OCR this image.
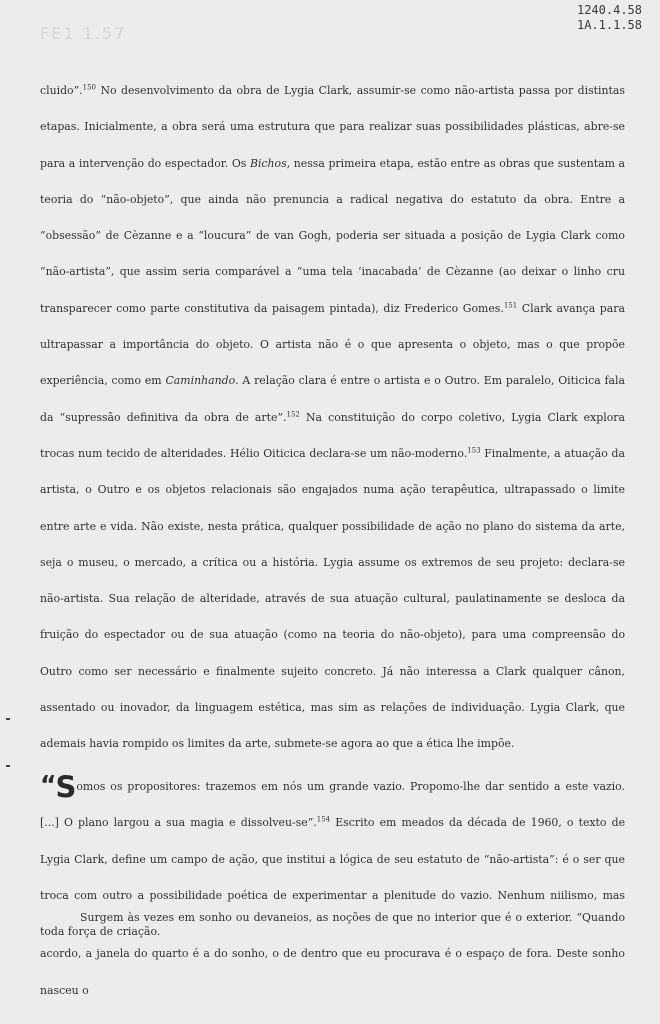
FE1 1.57
1240.4.58
1A.1.1.58

cluido”.$^{150}$ No desenvolvimento da obra de Lygia Clark, assumir-se como não-artista passa por distintas etapas. Inicialmente, a obra será uma estrutura que para realizar suas possibilidades plásticas, abre-se para a intervenção do espectador. Os Bichos, nessa primeira etapa, estão entre as obras que sustentam a teoria do “não-objeto”, que ainda não prenuncia a radical negativa do estatuto da obra. Entre a “obsessão” de Cèzanne e a “loucura” de van Gogh, poderia ser situada a posição de Lygia Clark como “não-artista”, que assim seria comparável a “uma tela ‘inacabada’ de Cèzanne (ao deixar o linho cru transparecer como parte constitutiva da paisagem pintada), diz Frederico Gomes.$^{151}$ Clark avança para ultrapassar a importância do objeto. O artista não é o que apresenta o objeto, mas o que propõe experiência, como em Caminhando. A relação clara é entre o artista e o Outro. Em paralelo, Oiticica fala da “supressão definitiva da obra de arte”.$^{152}$ Na constituição do corpo coletivo, Lygia Clark explora trocas num tecido de alteridades. Hélio Oiticica declara-se um não-moderno.$^{153}$ Finalmente, a atuação da artista, o Outro e os objetos relacionais são engajados numa ação terapêutica, ultrapassado o limite entre arte e vida. Não existe, nesta prática, qualquer possibilidade de ação no plano do sistema da arte, seja o museu, o mercado, a crítica ou a história. Lygia assume os extremos de seu projeto: declara-se não-artista. Sua relação de alteridade, através de sua atuação cultural, paulatinamente se desloca da fruição do espectador ou de sua atuação (como na teoria do não-objeto), para uma compreensão do Outro como ser necessário e finalmente sujeito concreto. Já não interessa a Clark qualquer cânon, assentado ou inovador, da linguagem estética, mas sim as relações de individuação. Lygia Clark, que ademais havia rompido os limites da arte, submete-se agora ao que a ética lhe impõe.

“Somos os propositores: trazemos em nós um grande vazio. Propomo-lhe dar sentido a este vazio. [...] O plano largou a sua magia e dissolveu-se”.$^{154}$ Escrito em meados da década de 1960, o texto de Lygia Clark, define um campo de ação, que institui a lógica de seu estatuto de “não-artista”: é o ser que troca com outro a possibilidade poética de experimentar a plenitude do vazio. Nenhum niilismo, mas toda força de criação.

Surgem às vezes em sonho ou devaneios, as noções de que no interior que é o exterior. “Quando acordo, a janela do quarto é a do sonho, o de dentro que eu procurava é o espaço de fora. Deste sonho nasceu o
